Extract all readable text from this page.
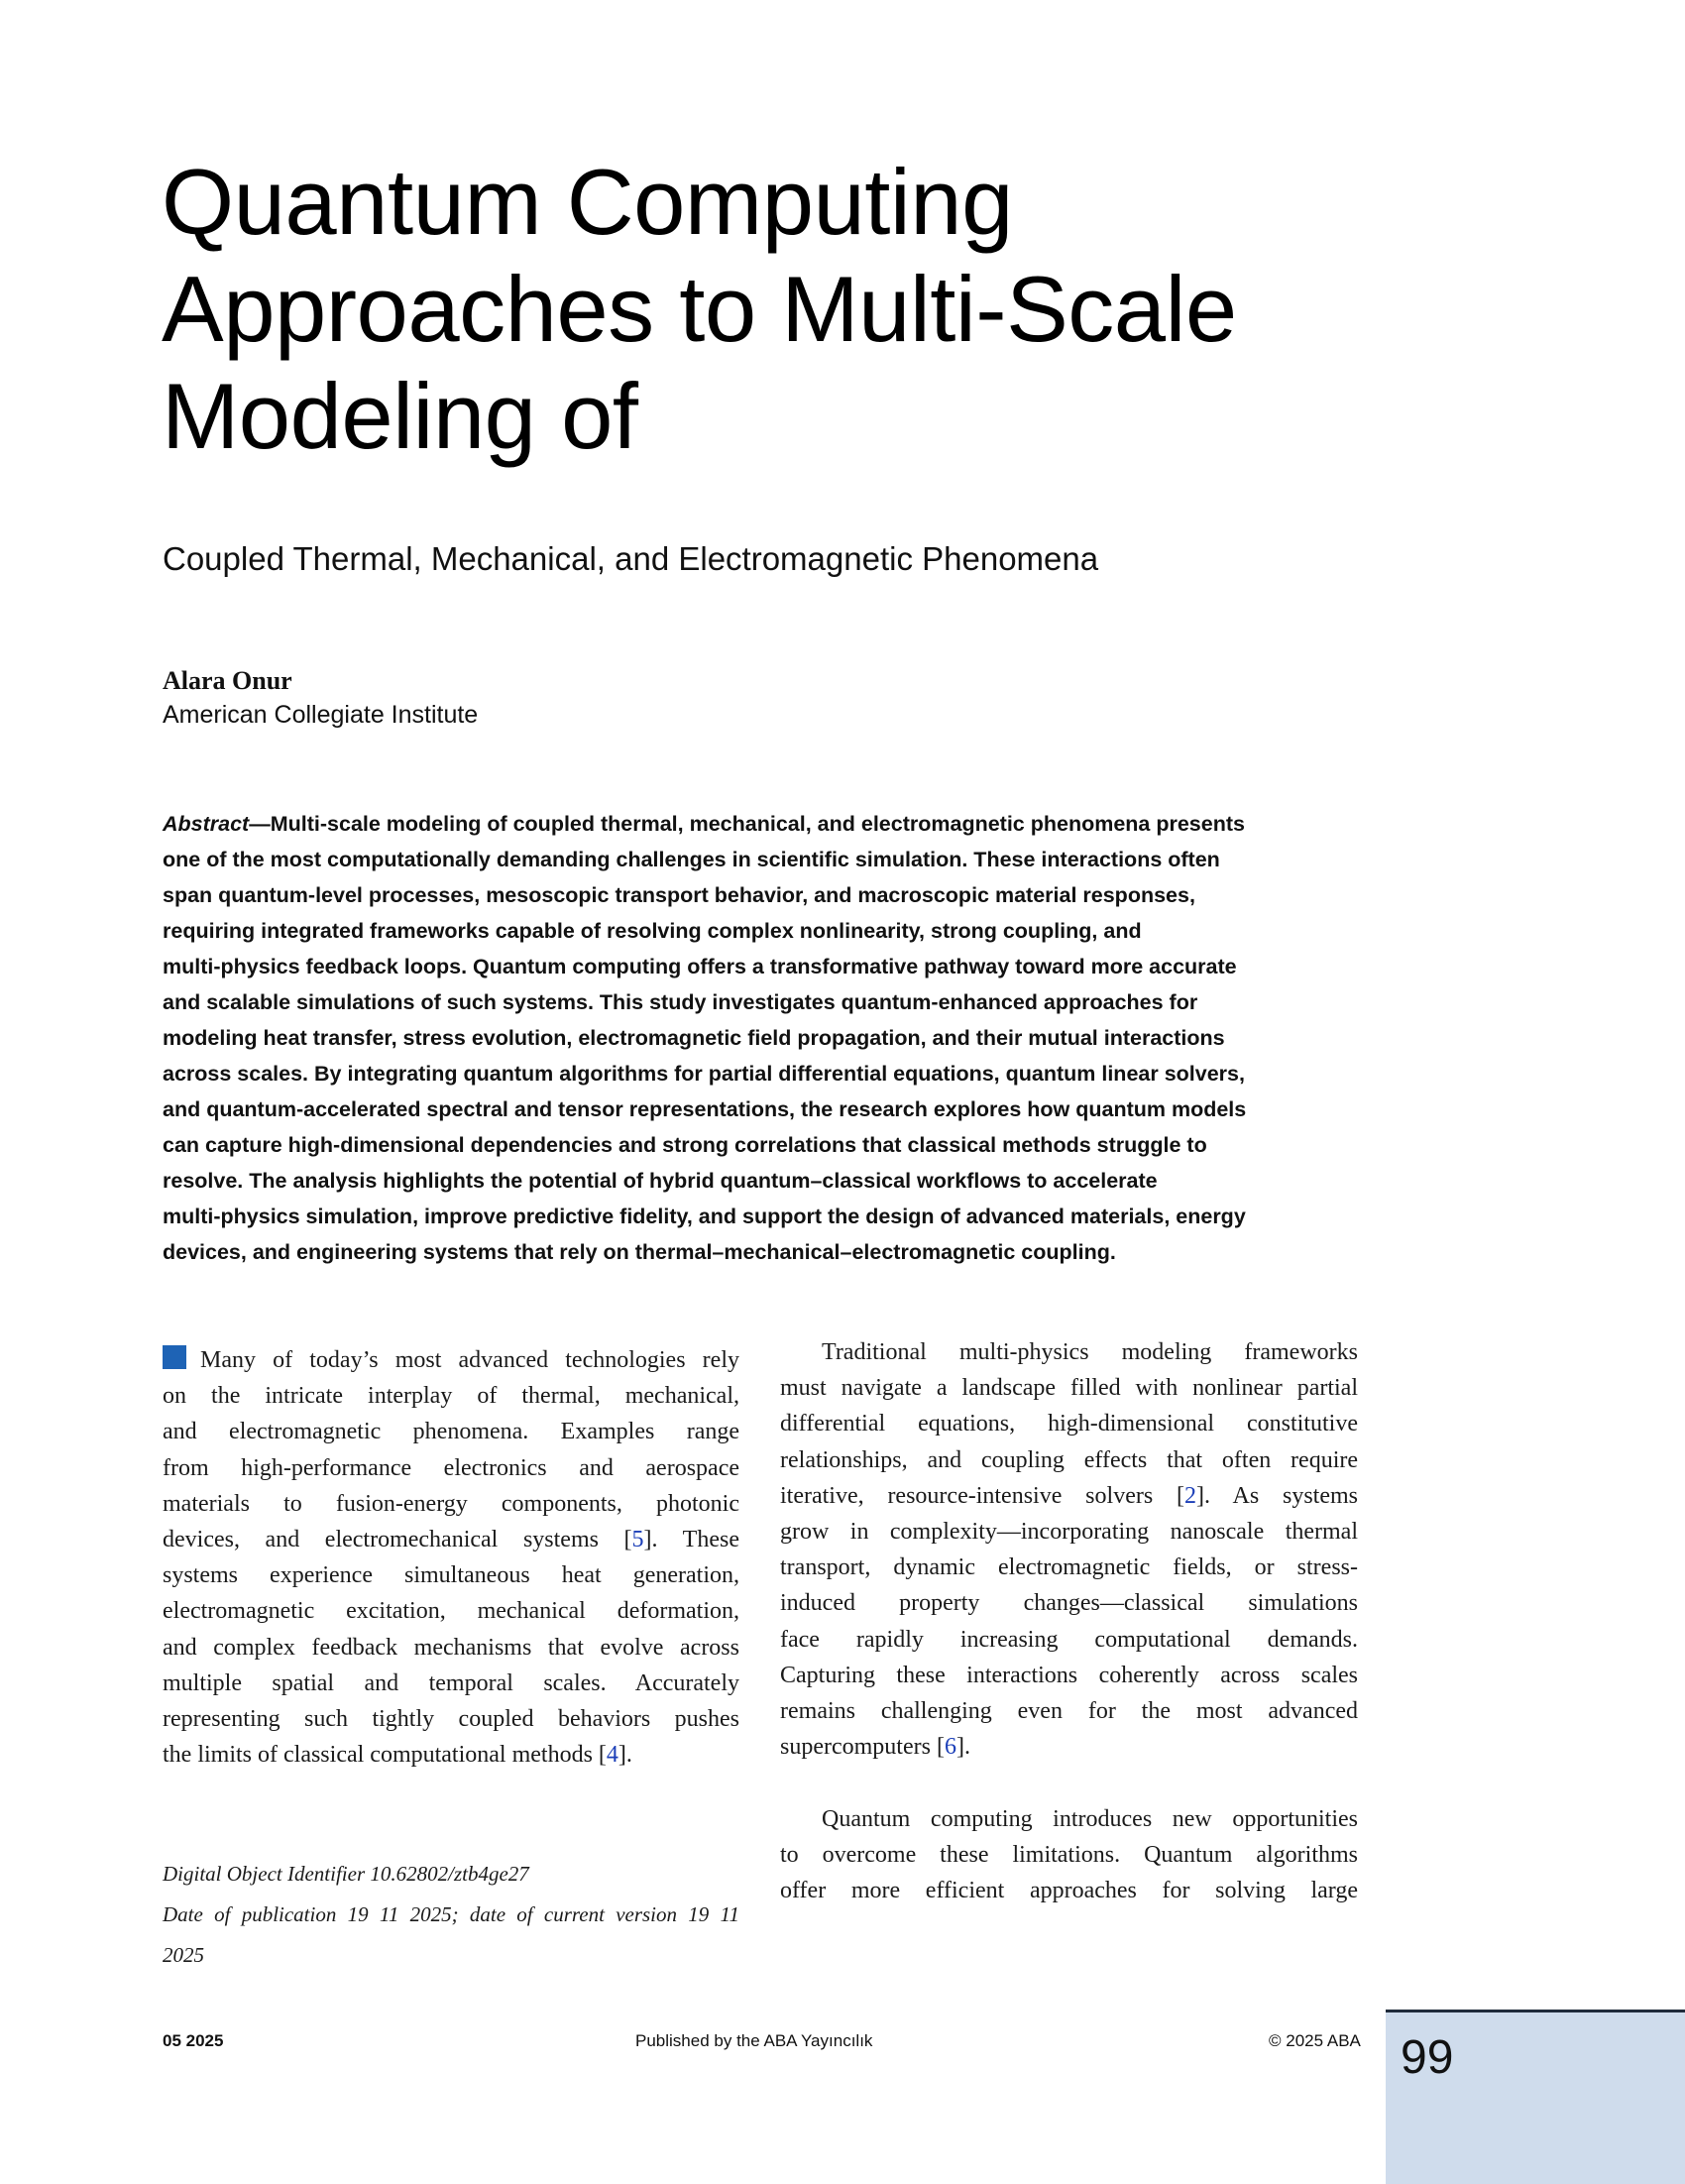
Quantum Computing
Approaches to Multi-Scale
Modeling of
Coupled Thermal, Mechanical, and Electromagnetic Phenomena
Alara Onur
American Collegiate Institute
Abstract—Multi-scale modeling of coupled thermal, mechanical, and electromagnetic phenomena presents
one of the most computationally demanding challenges in scientific simulation. These interactions often
span quantum-level processes, mesoscopic transport behavior, and macroscopic material responses,
requiring integrated frameworks capable of resolving complex nonlinearity, strong coupling, and
multi-physics feedback loops. Quantum computing offers a transformative pathway toward more accurate
and scalable simulations of such systems. This study investigates quantum-enhanced approaches for
modeling heat transfer, stress evolution, electromagnetic field propagation, and their mutual interactions
across scales. By integrating quantum algorithms for partial differential equations, quantum linear solvers,
and quantum-accelerated spectral and tensor representations, the research explores how quantum models
can capture high-dimensional dependencies and strong correlations that classical methods struggle to
resolve. The analysis highlights the potential of hybrid quantum–classical workflows to accelerate
multi-physics simulation, improve predictive fidelity, and support the design of advanced materials, energy
devices, and engineering systems that rely on thermal–mechanical–electromagnetic coupling.
Many of today’s most advanced technologies rely
on the intricate interplay of thermal, mechanical,
and electromagnetic phenomena. Examples range
from high-performance electronics and aerospace
materials to fusion-energy components, photonic
devices, and electromechanical systems [5]. These
systems experience simultaneous heat generation,
electromagnetic excitation, mechanical deformation,
and complex feedback mechanisms that evolve across
multiple spatial and temporal scales. Accurately
representing such tightly coupled behaviors pushes
the limits of classical computational methods [4].
Traditional multi-physics modeling frameworks
must navigate a landscape filled with nonlinear partial
differential equations, high-dimensional constitutive
relationships, and coupling effects that often require
iterative, resource-intensive solvers [2]. As systems
grow in complexity—incorporating nanoscale thermal
transport, dynamic electromagnetic fields, or stress-
induced property changes—classical simulations
face rapidly increasing computational demands.
Capturing these interactions coherently across scales
remains challenging even for the most advanced
supercomputers [6].
Quantum computing introduces new opportunities
to overcome these limitations. Quantum algorithms
offer more efficient approaches for solving large
Digital Object Identifier 10.62802/ztb4ge27
Date of publication 19 11 2025; date of current version 19 11
2025
05 2025	Published by the ABA Yayıncılık	© 2025 ABA 99
